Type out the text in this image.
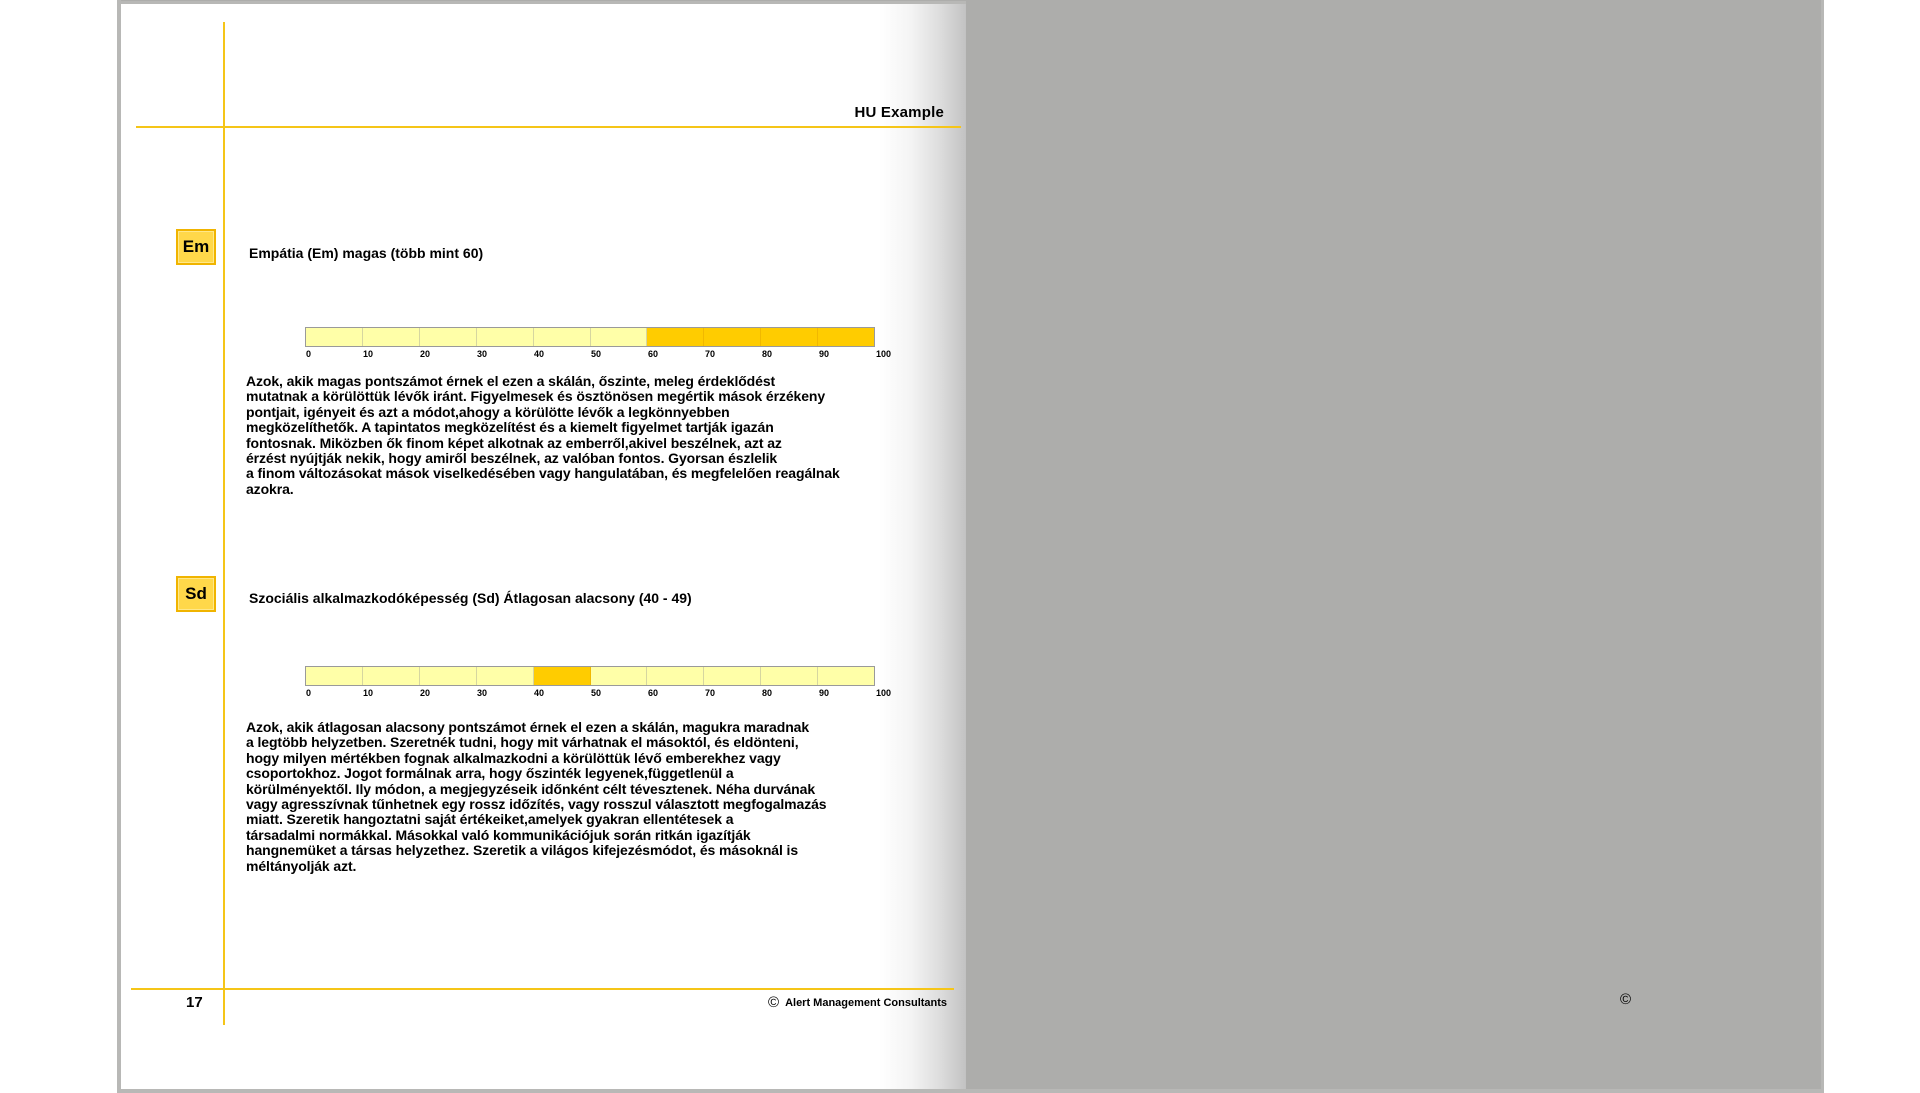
HU Example
Em	Empátia (Em) magas (több mint 60)
0	10	20	30	40	50	60	70	80	90	100
Azok, akik magas pontszámot érnek el ezen a skálán, őszinte, meleg érdeklődést
mutatnak a körülöttük lévők iránt. Figyelmesek és ösztönösen megértik mások érzékeny
pontjait, igényeit és azt a módot,ahogy a körülötte lévők a legkönnyebben
megközelíthetők. A tapintatos megközelítést és a kiemelt figyelmet tartják igazán
fontosnak. Miközben ők finom képet alkotnak az emberről,akivel beszélnek, azt az
érzést nyújtják nekik, hogy amiről beszélnek, az valóban fontos. Gyorsan észlelik
a finom változásokat mások viselkedésében vagy hangulatában, és megfelelően reagálnak
azokra.
Sd	Szociális alkalmazkodóképesség (Sd) Átlagosan alacsony (40 - 49)
0	10	20	30	40	50	60	70	80	90	100
Azok, akik átlagosan alacsony pontszámot érnek el ezen a skálán, magukra maradnak
a legtöbb helyzetben. Szeretnék tudni, hogy mit várhatnak el másoktól, és eldönteni,
hogy milyen mértékben fognak alkalmazkodni a körülöttük lévő emberekhez vagy
csoportokhoz. Jogot formálnak arra, hogy őszinték legyenek,függetlenül a
körülményektől. Ily módon, a megjegyzéseik időnként célt tévesztenek. Néha durvának
vagy agresszívnak tűnhetnek egy rossz időzítés, vagy rosszul választott megfogalmazás
miatt. Szeretik hangoztatni saját értékeiket,amelyek gyakran ellentétesek a
társadalmi normákkal. Másokkal való kommunikációjuk során ritkán igazítják
hangnemüket a társas helyzethez. Szeretik a világos kifejezésmódot, és másoknál is
méltányolják azt.
17	© Alert Management Consultants	©
